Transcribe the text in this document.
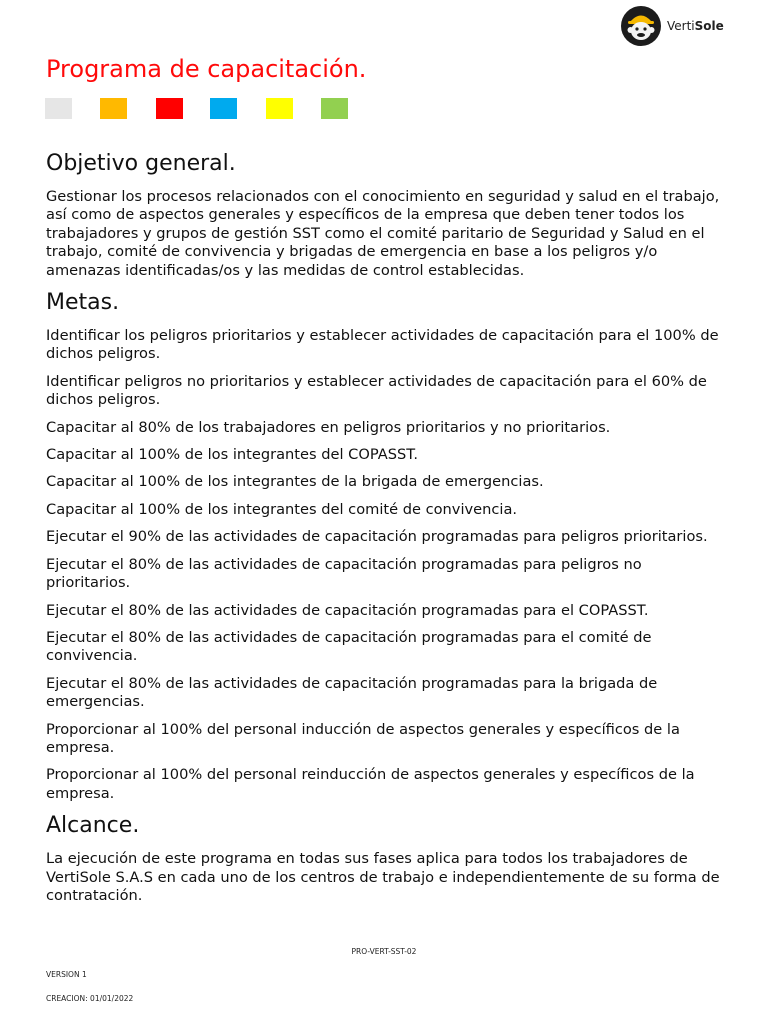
VertiSole
Programa de capacitación.
Objetivo general.

Gestionar los procesos relacionados con el conocimiento en seguridad y salud en el trabajo, así como de aspectos generales y específicos de la empresa que deben tener todos los trabajadores y grupos de gestión SST como el comité paritario de Seguridad y Salud en el trabajo, comité de convivencia y brigadas de emergencia en base a los peligros y/o amenazas identificadas/os y las medidas de control establecidas.

Metas.

Identificar los peligros prioritarios y establecer actividades de capacitación para el 100% de dichos peligros.

Identificar peligros no prioritarios y establecer actividades de capacitación para el 60% de dichos peligros.

Capacitar al 80% de los trabajadores en peligros prioritarios y no prioritarios.

Capacitar al 100% de los integrantes del COPASST.

Capacitar al 100% de los integrantes de la brigada de emergencias.

Capacitar al 100% de los integrantes del comité de convivencia.

Ejecutar el 90% de las actividades de capacitación programadas para peligros prioritarios.

Ejecutar el 80% de las actividades de capacitación programadas para peligros no prioritarios.

Ejecutar el 80% de las actividades de capacitación programadas para el COPASST.

Ejecutar el 80% de las actividades de capacitación programadas para el comité de convivencia.

Ejecutar el 80% de las actividades de capacitación programadas para la brigada de emergencias.

Proporcionar al 100% del personal inducción de aspectos generales y específicos de la empresa.

Proporcionar al 100% del personal reinducción de aspectos generales y específicos de la empresa.

Alcance.

La ejecución de este programa en todas sus fases aplica para todos los trabajadores de VertiSole S.A.S en cada uno de los centros de trabajo e independientemente de su forma de contratación.

PRO-VERT-SST-02
VERSION 1
CREACION: 01/01/2022
